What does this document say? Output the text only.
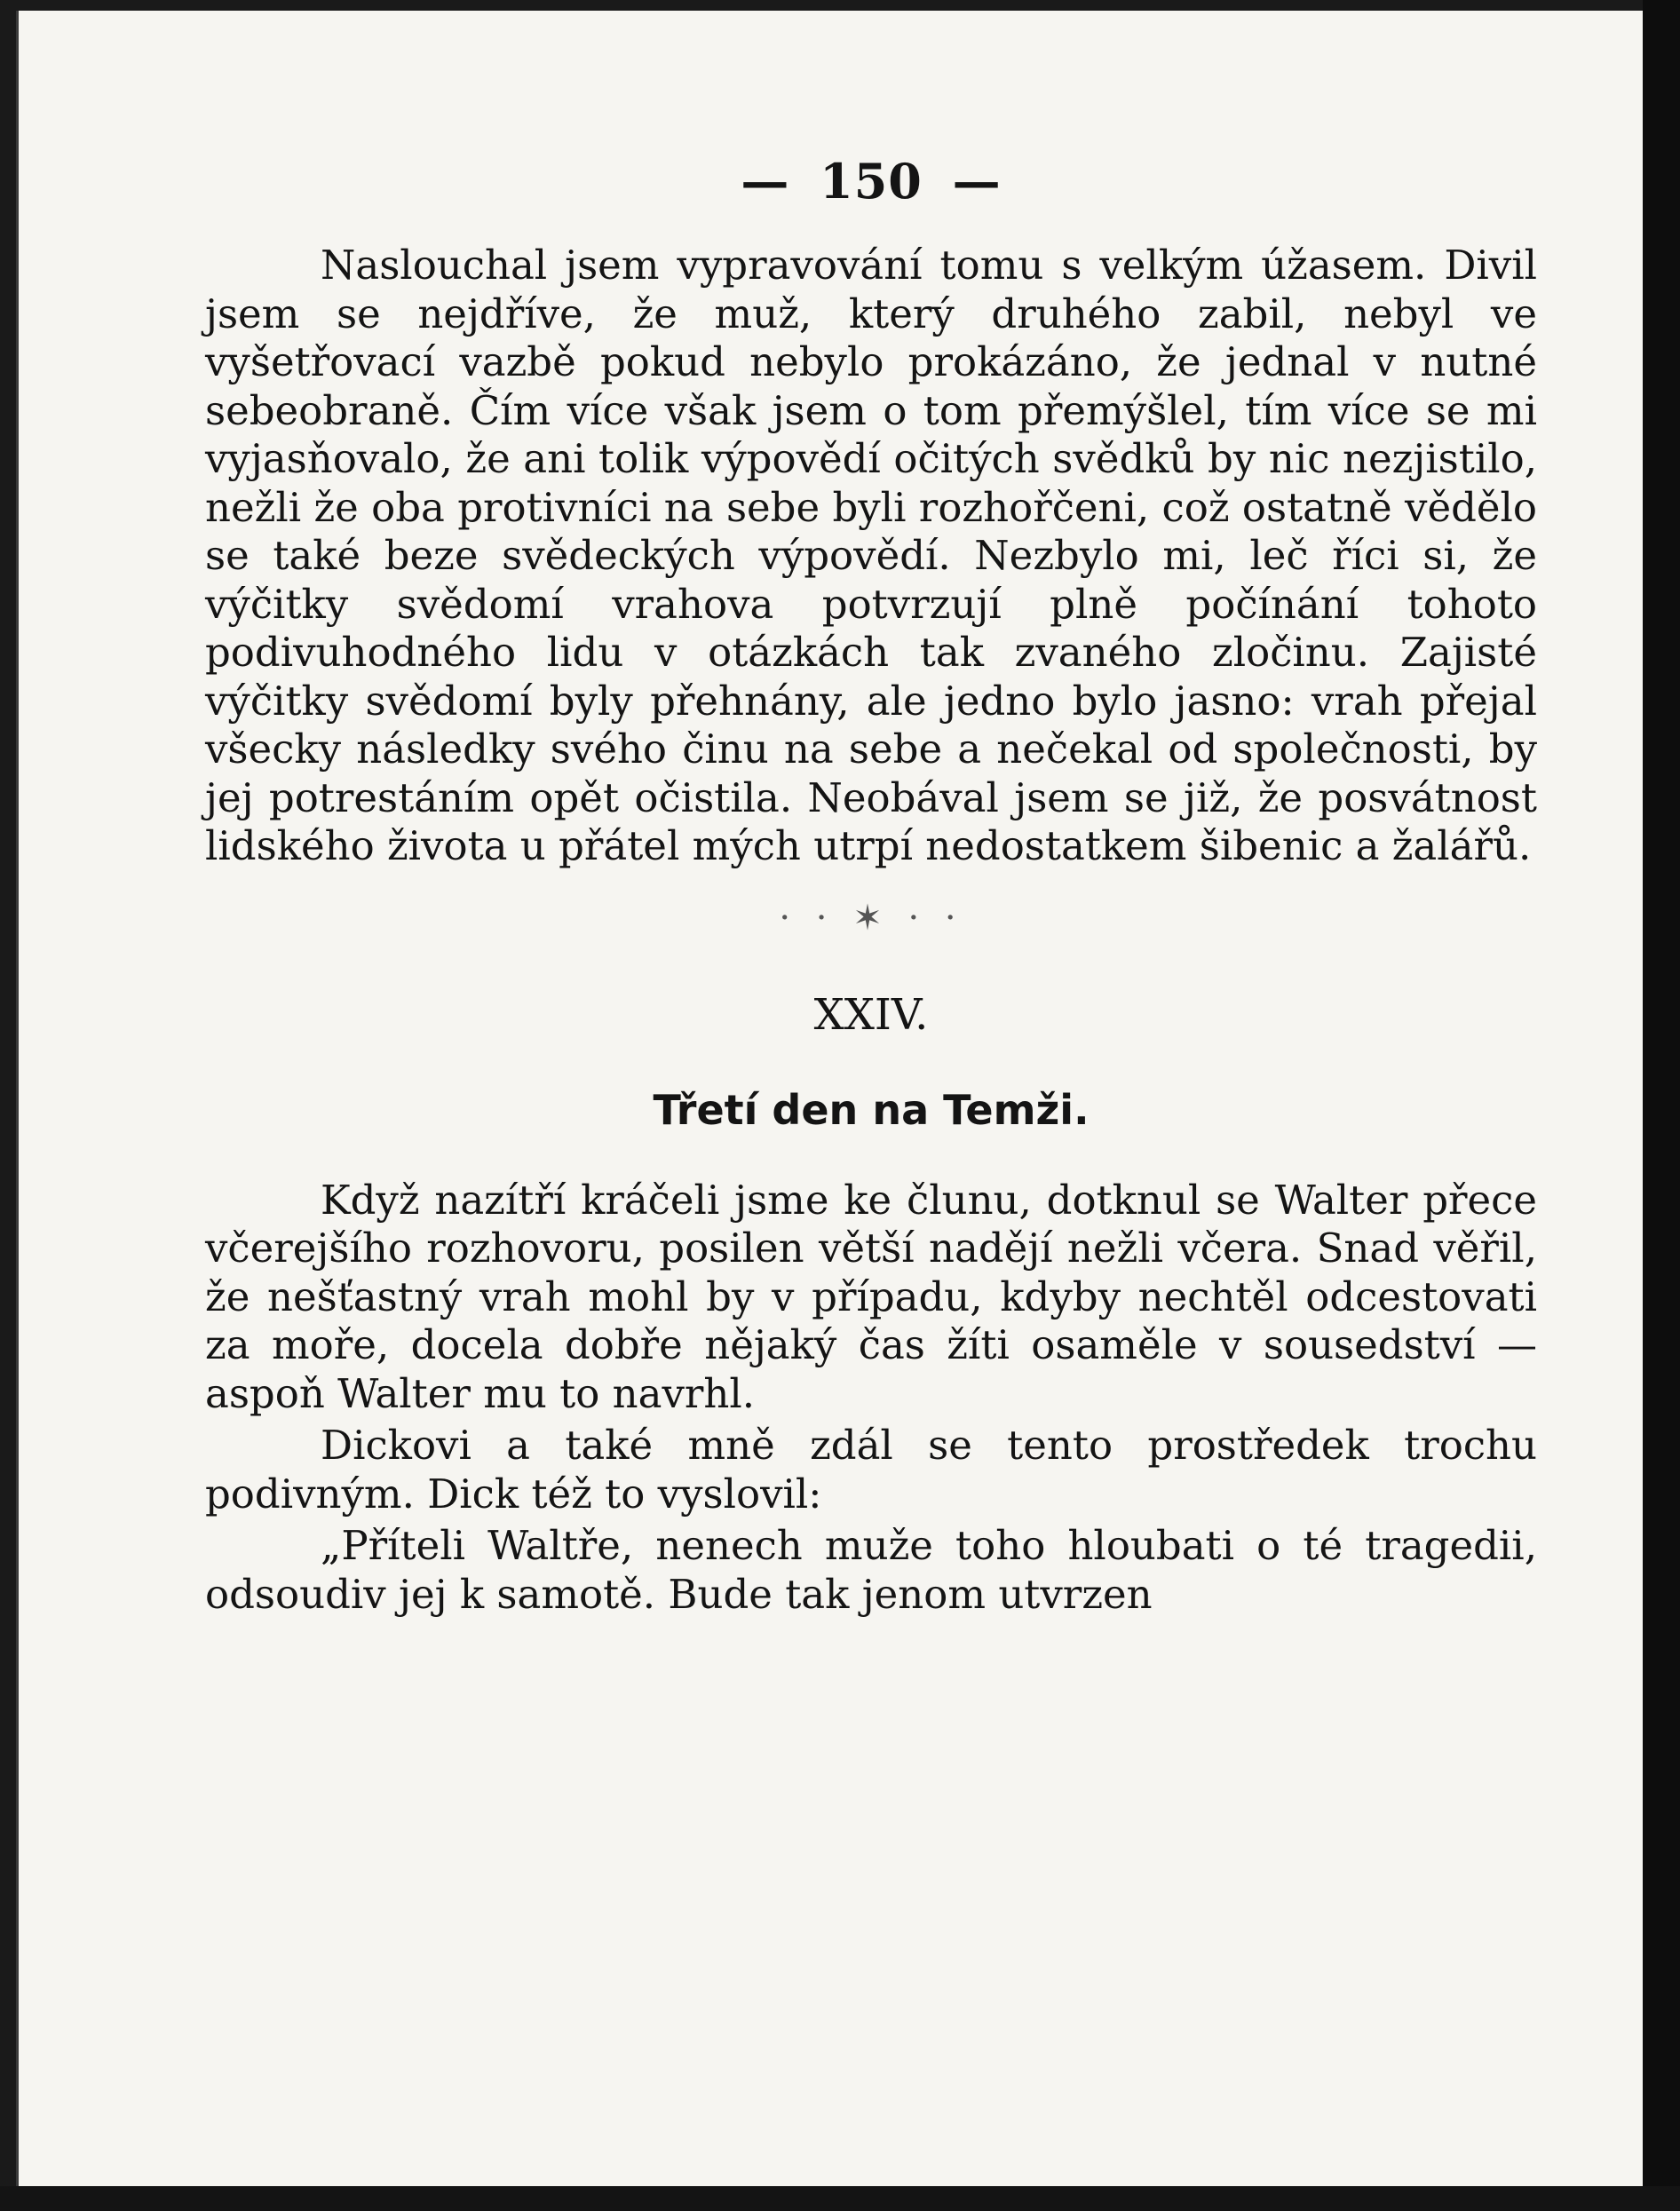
— 150 —

Naslouchal jsem vypravování tomu s velkým úžasem. Divil jsem se nejdříve, že muž, který druhého zabil, nebyl ve vyšetřovací vazbě pokud nebylo prokázáno, že jednal v nutné sebeobraně. Čím více však jsem o tom přemýšlel, tím více se mi vyjasňovalo, že ani tolik výpovědí očitých svědků by nic nezjistilo, nežli že oba protivníci na sebe byli rozhořčeni, což ostatně vědělo se také beze svědeckých výpovědí. Nezbylo mi, leč říci si, že výčitky svědomí vrahova potvrzují plně počínání tohoto podivuhodného lidu v otázkách tak zvaného zločinu. Zajisté výčitky svědomí byly přehnány, ale jedno bylo jasno: vrah přejal všecky následky svého činu na sebe a nečekal od společnosti, by jej potrestáním opět očistila. Neobával jsem se již, že posvátnost lidského života u přátel mých utrpí nedostatkem šibenic a žalářů.

· · ✶ · ·
XXIV.
Třetí den na Temži.

Když nazítří kráčeli jsme ke člunu, dotknul se Walter přece včerejšího rozhovoru, posilen větší nadějí nežli včera. Snad věřil, že nešťastný vrah mohl by v případu, kdyby nechtěl odcestovati za moře, docela dobře nějaký čas žíti osaměle v sousedství — aspoň Walter mu to navrhl.

Dickovi a také mně zdál se tento prostředek trochu podivným. Dick též to vyslovil:

„Příteli Waltře, nenech muže toho hloubati o té tragedii, odsoudiv jej k samotě. Bude tak jenom utvrzen
